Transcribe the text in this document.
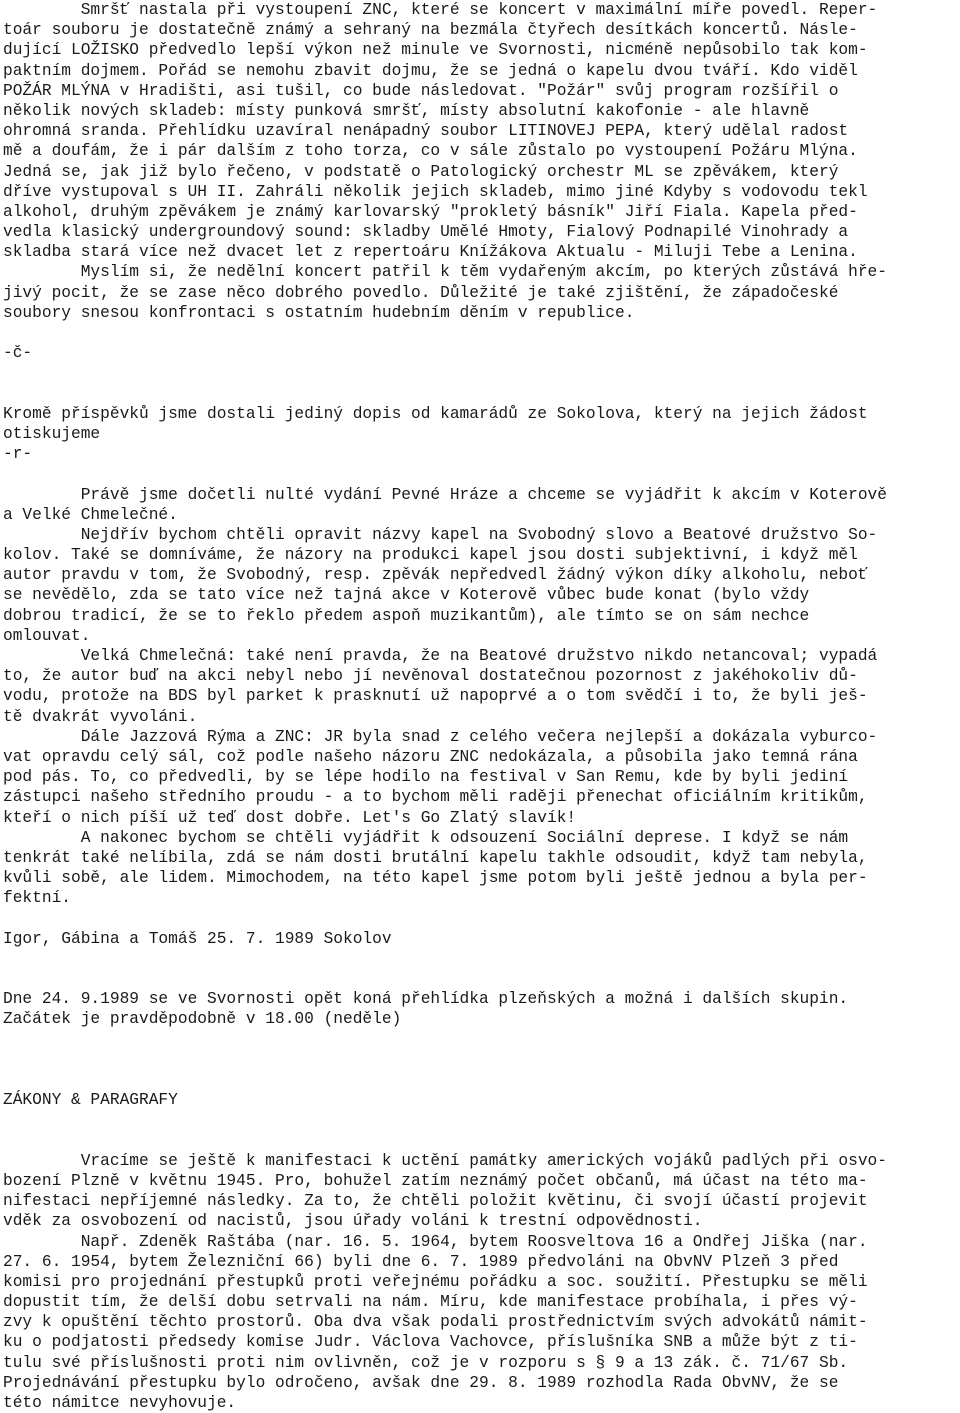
Smršť nastala při vystoupení ZNC, které se koncert v maximální míře povedl. Reper-
toár souboru je dostatečně známý a sehraný na bezmála čtyřech desítkách koncertů. Násle-
dující LOŽISKO předvedlo lepší výkon než minule ve Svornosti, nicméně nepůsobilo tak kom-
paktním dojmem. Pořád se nemohu zbavit dojmu, že se jedná o kapelu dvou tváří. Kdo viděl
POŽÁR MLÝNA v Hradišti, asi tušil, co bude následovat. "Požár" svůj program rozšířil o
několik nových skladeb: místy punková smršť, místy absolutní kakofonie - ale hlavně
ohromná sranda. Přehlídku uzavíral nenápadný soubor LITINOVEJ PEPA, který udělal radost
mě a doufám, že i pár dalším z toho torza, co v sále zůstalo po vystoupení Požáru Mlýna.
Jedná se, jak již bylo řečeno, v podstatě o Patologický orchestr ML se zpěvákem, který
dříve vystupoval s UH II. Zahráli několik jejich skladeb, mimo jiné Kdyby s vodovodu tekl
alkohol, druhým zpěvákem je známý karlovarský "prokletý básník" Jiří Fiala. Kapela před-
vedla klasický undergroundový sound: skladby Umělé Hmoty, Fialový Podnapilé Vinohrady a
skladba stará více než dvacet let z repertoáru Knížákova Aktualu - Miluji Tebe a Lenina.
Myslím si, že nedělní koncert patřil k těm vydařeným akcím, po kterých zůstává hře-
jivý pocit, že se zase něco dobrého povedlo. Důležité je také zjištění, že západočeské
soubory snesou konfrontaci s ostatním hudebním děním v republice.
-č-
Kromě příspěvků jsme dostali jediný dopis od kamarádů ze Sokolova, který na jejich žádost
otiskujeme
-r-
Právě jsme dočetli nulté vydání Pevné Hráze a chceme se vyjádřit k akcím v Koterově
a Velké Chmelečné.
Nejdřív bychom chtěli opravit názvy kapel na Svobodný slovo a Beatové družstvo So-
kolov. Také se domníváme, že názory na produkci kapel jsou dosti subjektivní, i když měl
autor pravdu v tom, že Svobodný, resp. zpěvák nepředvedl žádný výkon díky alkoholu, neboť
se nevědělo, zda se tato více než tajná akce v Koterově vůbec bude konat (bylo vždy
dobrou tradicí, že se to řeklo předem aspoň muzikantům), ale tímto se on sám nechce
omlouvat.
Velká Chmelečná: také není pravda, že na Beatové družstvo nikdo netancoval; vypadá
to, že autor buď na akci nebyl nebo jí nevěnoval dostatečnou pozornost z jakéhokoliv dů-
vodu, protože na BDS byl parket k prasknutí už napoprvé a o tom svědčí i to, že byli ješ-
tě dvakrát vyvoláni.
Dále Jazzová Rýma a ZNC: JR byla snad z celého večera nejlepší a dokázala vyburco-
vat opravdu celý sál, což podle našeho názoru ZNC nedokázala, a působila jako temná rána
pod pás. To, co předvedli, by se lépe hodilo na festival v San Remu, kde by byli jediní
zástupci našeho středního proudu - a to bychom měli raději přenechat oficiálním kritikům,
kteří o nich píší už teď dost dobře. Let's Go Zlatý slavík!
A nakonec bychom se chtěli vyjádřit k odsouzení Sociální deprese. I když se nám
tenkrát také nelíbila, zdá se nám dosti brutální kapelu takhle odsoudit, když tam nebyla,
kvůli sobě, ale lidem. Mimochodem, na této kapel jsme potom byli ještě jednou a byla per-
fektní.
Igor, Gábina a Tomáš 25. 7. 1989 Sokolov
Dne 24. 9.1989 se ve Svornosti opět koná přehlídka plzeňských a možná i dalších skupin.
Začátek je pravděpodobně v 18.00 (neděle)
ZÁKONY & PARAGRAFY
Vracíme se ještě k manifestaci k uctění památky amerických vojáků padlých při osvo-
bození Plzně v květnu 1945. Pro, bohužel zatím neznámý počet občanů, má účast na této ma-
nifestaci nepříjemné následky. Za to, že chtěli položit květinu, či svojí účastí projevit
vděk za osvobození od nacistů, jsou úřady voláni k trestní odpovědnosti.
Např. Zdeněk Raštába (nar. 16. 5. 1964, bytem Roosveltova 16 a Ondřej Jiška (nar.
27. 6. 1954, bytem Železniční 66) byli dne 6. 7. 1989 předvoláni na ObvNV Plzeň 3 před
komisi pro projednání přestupků proti veřejnému pořádku a soc. soužití. Přestupku se měli
dopustit tím, že delší dobu setrvali na nám. Míru, kde manifestace probíhala, i přes vý-
zvy k opuštění těchto prostorů. Oba dva však podali prostřednictvím svých advokátů námit-
ku o podjatosti předsedy komise Judr. Václova Vachovce, příslušníka SNB a může být z ti-
tulu své příslušnosti proti nim ovlivněn, což je v rozporu s § 9 a 13 zák. č. 71/67 Sb.
Projednávání přestupku bylo odročeno, avšak dne 29. 8. 1989 rozhodla Rada ObvNV, že se
této námitce nevyhovuje.
